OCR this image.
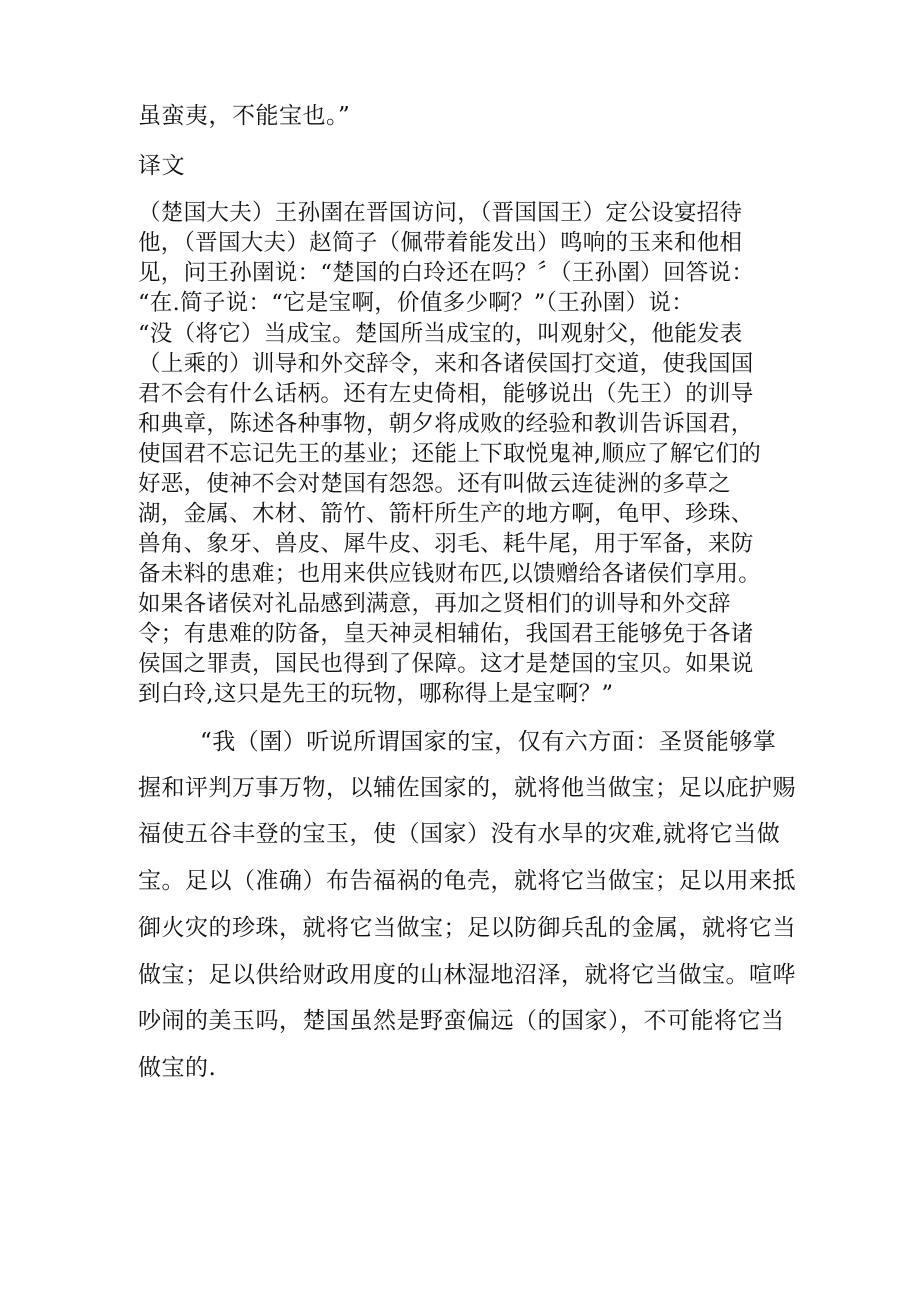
虽蛮夷，不能宝也。”
译文
（楚国大夫）王孙圉在晋国访问，（晋国国王）定公设宴招待
他，（晋国大夫）赵简子（佩带着能发出）鸣响的玉来和他相
见，问王孙圉说：“楚国的白玲还在吗？〞（王孙圉）回答说：
“在.简子说：“它是宝啊，价值多少啊？”（王孙圉）说：
“没（将它）当成宝。楚国所当成宝的，叫观射父，他能发表
（上乘的）训导和外交辞令，来和各诸侯国打交道，使我国国
君不会有什么话柄。还有左史倚相，能够说出（先王）的训导
和典章，陈述各种事物，朝夕将成败的经验和教训告诉国君，
使国君不忘记先王的基业；还能上下取悦鬼神,顺应了解它们的
好恶，使神不会对楚国有怨怨。还有叫做云连徒洲的多草之
湖，金属、木材、箭竹、箭杆所生产的地方啊，龟甲、珍珠、
兽角、象牙、兽皮、犀牛皮、羽毛、耗牛尾，用于军备，来防
备未料的患难；也用来供应钱财布匹,以馈赠给各诸侯们享用。
如果各诸侯对礼品感到满意，再加之贤相们的训导和外交辞
令；有患难的防备，皇天神灵相辅佑，我国君王能够免于各诸
侯国之罪责，国民也得到了保障。这才是楚国的宝贝。如果说
到白玲,这只是先王的玩物，哪称得上是宝啊？”
“我（圉）听说所谓国家的宝，仅有六方面：圣贤能够掌
握和评判万事万物，以辅佐国家的，就将他当做宝；足以庇护赐
福使五谷丰登的宝玉，使（国家）没有水旱的灾难,就将它当做
宝。足以（准确）布告福祸的龟壳，就将它当做宝；足以用来抵
御火灾的珍珠，就将它当做宝；足以防御兵乱的金属，就将它当
做宝；足以供给财政用度的山林湿地沼泽，就将它当做宝。喧哗
吵闹的美玉吗，楚国虽然是野蛮偏远（的国家），不可能将它当
做宝的.
